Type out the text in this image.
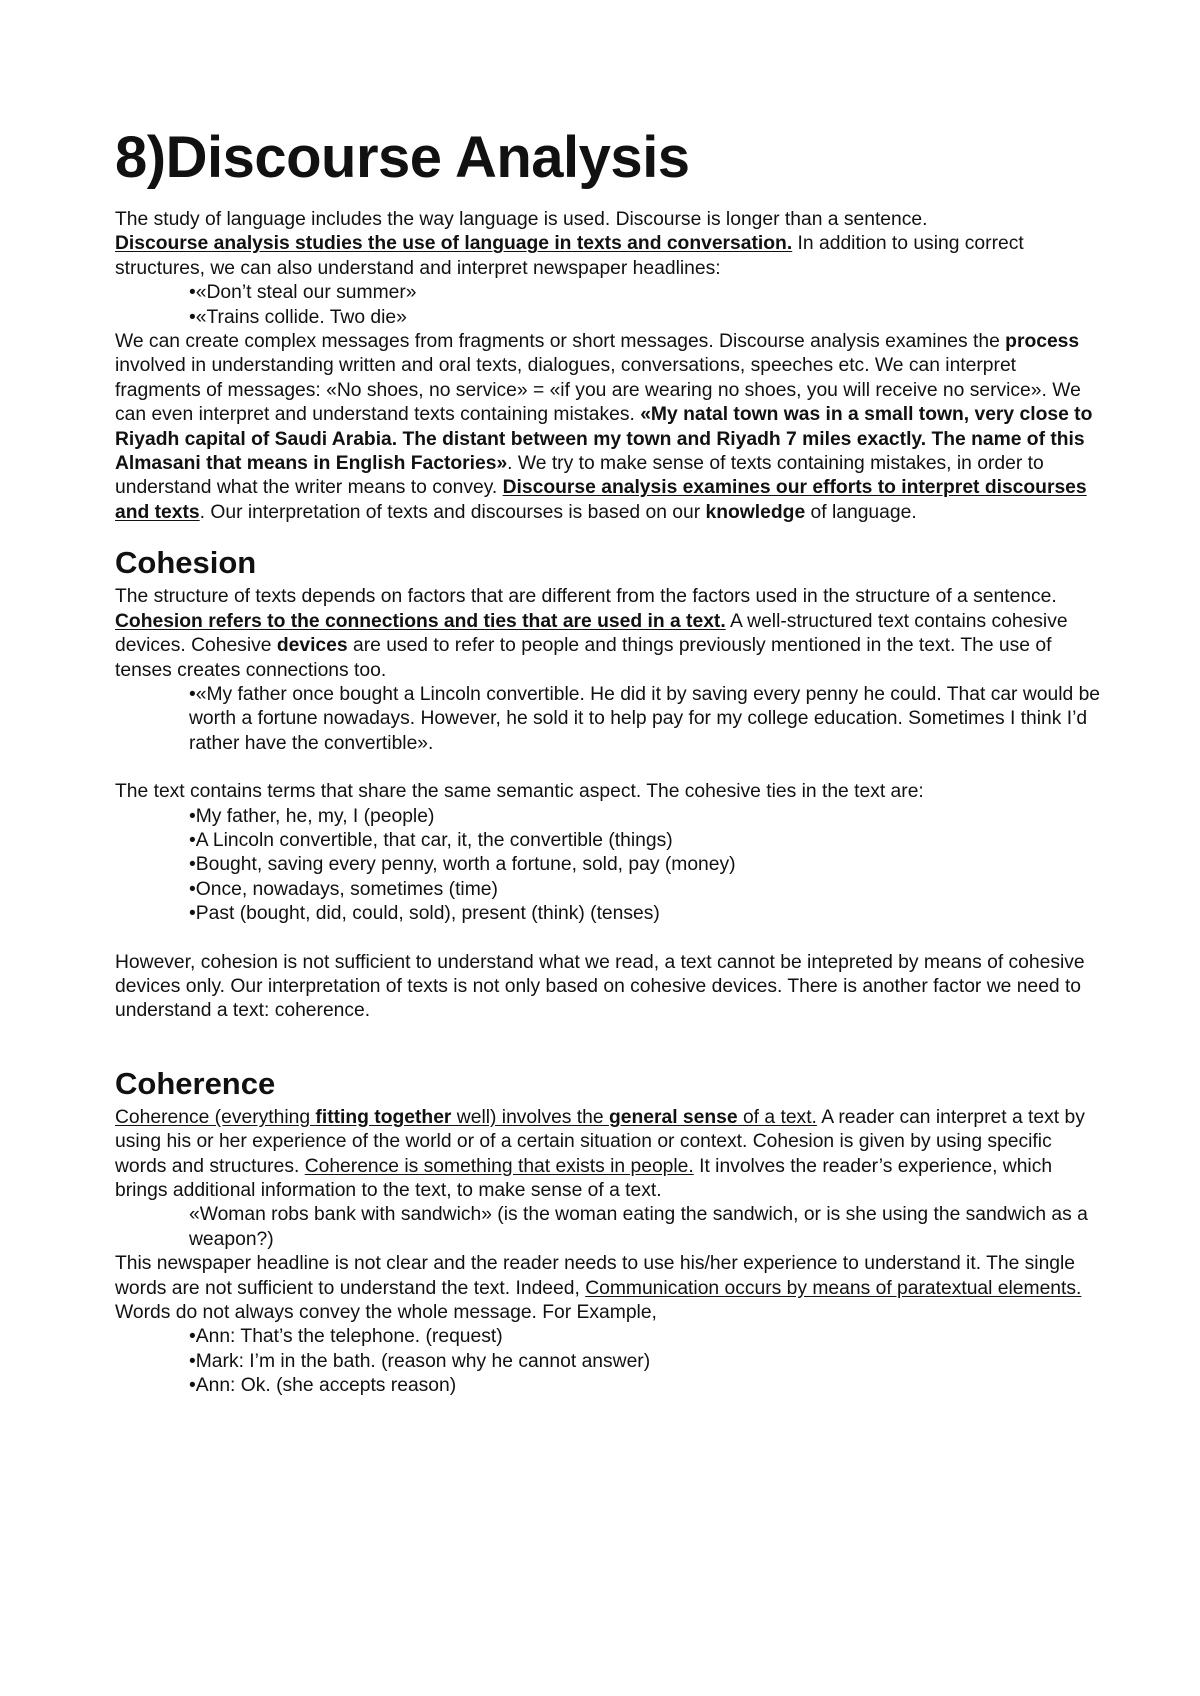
8)Discourse Analysis

The study of language includes the way language is used. Discourse is longer than a sentence.
Discourse analysis studies the use of language in texts and conversation. In addition to using correct structures, we can also understand and interpret newspaper headlines:

•«Don’t steal our summer»

•«Trains collide. Two die»

We can create complex messages from fragments or short messages. Discourse analysis examines the process involved in understanding written and oral texts, dialogues, conversations, speeches etc. We can interpret fragments of messages: «No shoes, no service» = «if you are wearing no shoes, you will receive no service». We can even interpret and understand texts containing mistakes. «My natal town was in a small town, very close to Riyadh capital of Saudi Arabia. The distant between my town and Riyadh 7 miles exactly. The name of this Almasani that means in English Factories». We try to make sense of texts containing mistakes, in order to understand what the writer means to convey. Discourse analysis examines our efforts to interpret discourses and texts. Our interpretation of texts and discourses is based on our knowledge of language.

Cohesion

The structure of texts depends on factors that are different from the factors used in the structure of a sentence. Cohesion refers to the connections and ties that are used in a text. A well-structured text contains cohesive devices. Cohesive devices are used to refer to people and things previously mentioned in the text. The use of tenses creates connections too.

•«My father once bought a Lincoln convertible. He did it by saving every penny he could. That car would be worth a fortune nowadays. However, he sold it to help pay for my college education. Sometimes I think I’d rather have the convertible».

The text contains terms that share the same semantic aspect. The cohesive ties in the text are:

•My father, he, my, I (people)

•A Lincoln convertible, that car, it, the convertible (things)

•Bought, saving every penny, worth a fortune, sold, pay (money)

•Once, nowadays, sometimes (time)

•Past (bought, did, could, sold), present (think) (tenses)

However, cohesion is not sufficient to understand what we read, a text cannot be intepreted by means of cohesive devices only. Our interpretation of texts is not only based on cohesive devices. There is another factor we need to understand a text: coherence.

Coherence

Coherence (everything fitting together well) involves the general sense of a text. A reader can interpret a text by using his or her experience of the world or of a certain situation or context. Cohesion is given by using specific words and structures. Coherence is something that exists in people. It involves the reader’s experience, which brings additional information to the text, to make sense of a text.

«Woman robs bank with sandwich» (is the woman eating the sandwich, or is she using the sandwich as a weapon?)

This newspaper headline is not clear and the reader needs to use his/her experience to understand it. The single words are not sufficient to understand the text. Indeed, Communication occurs by means of paratextual elements. Words do not always convey the whole message. For Example,

•Ann: That’s the telephone. (request)

•Mark: I’m in the bath. (reason why he cannot answer)

•Ann: Ok. (she accepts reason)
